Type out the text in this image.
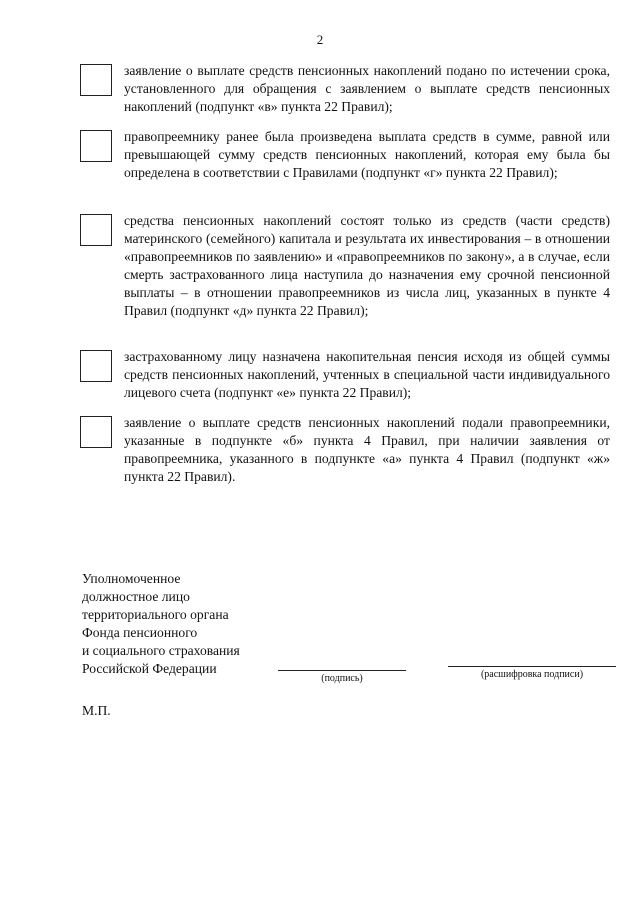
2
заявление о выплате средств пенсионных накоплений подано по истечении срока, установленного для обращения с заявлением о выплате средств пенсионных накоплений (подпункт «в» пункта 22 Правил);
правопреемнику ранее была произведена выплата средств в сумме, равной или превышающей сумму средств пенсионных накоплений, которая ему была бы определена в соответствии с Правилами (подпункт «г» пункта 22 Правил);
средства пенсионных накоплений состоят только из средств (части средств) материнского (семейного) капитала и результата их инвестирования – в отношении «правопреемников по заявлению» и «правопреемников по закону», а в случае, если смерть застрахованного лица наступила до назначения ему срочной пенсионной выплаты – в отношении правопреемников из числа лиц, указанных в пункте 4 Правил (подпункт «д» пункта 22 Правил);
застрахованному лицу назначена накопительная пенсия исходя из общей суммы средств пенсионных накоплений, учтенных в специальной части индивидуального лицевого счета (подпункт «е» пункта 22 Правил);
заявление о выплате средств пенсионных накоплений подали правопреемники, указанные в подпункте «б» пункта 4 Правил, при наличии заявления от правопреемника, указанного в подпункте «а» пункта 4 Правил (подпункт «ж» пункта 22 Правил).
Уполномоченное
должностное лицо
территориального органа
Фонда пенсионного
и социального страхования
Российской Федерации
(подпись)	(расшифровка подписи)
М.П.
